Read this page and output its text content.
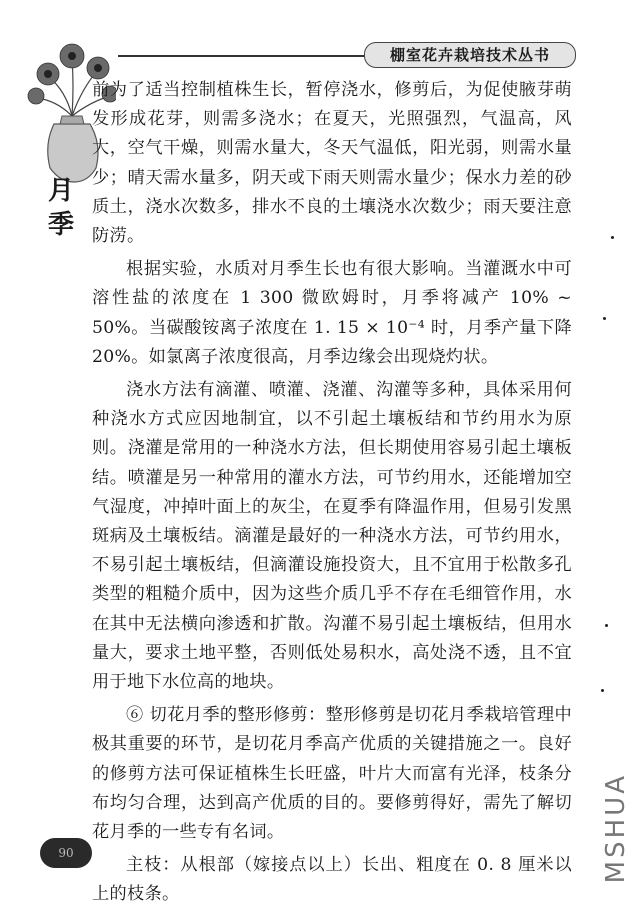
棚室花卉栽培技术丛书
月季

前为了适当控制植株生长，暂停浇水，修剪后，为促使腋芽萌发形成花芽，则需多浇水；在夏天，光照强烈，气温高，风大，空气干燥，则需水量大，冬天气温低，阳光弱，则需水量少；晴天需水量多，阴天或下雨天则需水量少；保水力差的砂质土，浇水次数多，排水不良的土壤浇水次数少；雨天要注意防涝。

根据实验，水质对月季生长也有很大影响。当灌溉水中可溶性盐的浓度在 1 300 微欧姆时，月季将减产 10% ~ 50%。当碳酸铵离子浓度在 1. 15 × 10⁻⁴ 时，月季产量下降 20%。如氯离子浓度很高，月季边缘会出现烧灼状。

浇水方法有滴灌、喷灌、浇灌、沟灌等多种，具体采用何种浇水方式应因地制宜，以不引起土壤板结和节约用水为原则。浇灌是常用的一种浇水方法，但长期使用容易引起土壤板结。喷灌是另一种常用的灌水方法，可节约用水，还能增加空气湿度，冲掉叶面上的灰尘，在夏季有降温作用，但易引发黑斑病及土壤板结。滴灌是最好的一种浇水方法，可节约用水，不易引起土壤板结，但滴灌设施投资大，且不宜用于松散多孔类型的粗糙介质中，因为这些介质几乎不存在毛细管作用，水在其中无法横向渗透和扩散。沟灌不易引起土壤板结，但用水量大，要求土地平整，否则低处易积水，高处浇不透，且不宜用于地下水位高的地块。

⑥ 切花月季的整形修剪：整形修剪是切花月季栽培管理中极其重要的环节，是切花月季高产优质的关键措施之一。良好的修剪方法可保证植株生长旺盛，叶片大而富有光泽，枝条分布均匀合理，达到高产优质的目的。要修剪得好，需先了解切花月季的一些专有名词。

主枝：从根部（嫁接点以上）长出、粗度在 0. 8 厘米以上的枝条。

90	MSHUA
